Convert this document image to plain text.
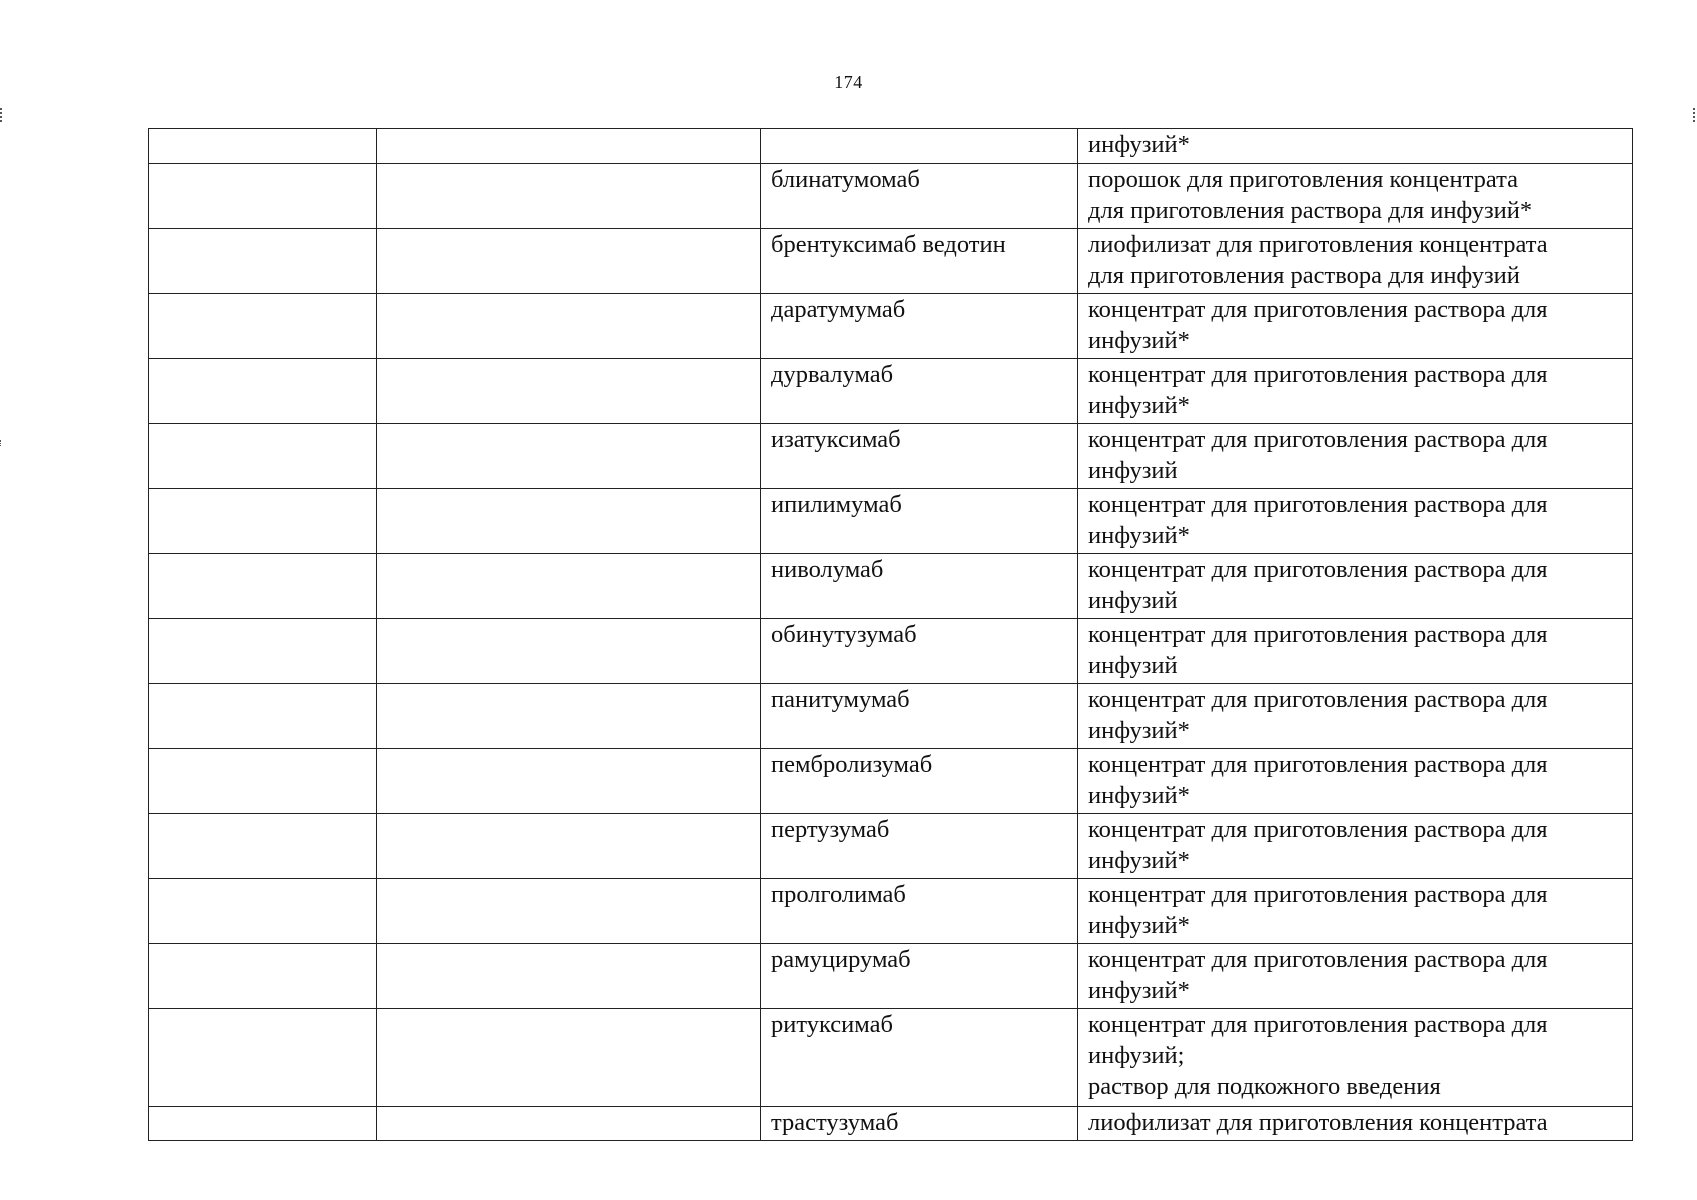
174

			инфузий*

		блинатумомаб	порошок для приготовления концентрата
для приготовления раствора для инфузий*

		брентуксимаб ведотин	лиофилизат для приготовления концентрата
для приготовления раствора для инфузий

		даратумумаб	концентрат для приготовления раствора для
инфузий*

		дурвалумаб	концентрат для приготовления раствора для
инфузий*

		изатуксимаб	концентрат для приготовления раствора для
инфузий

		ипилимумаб	концентрат для приготовления раствора для
инфузий*

		ниволумаб	концентрат для приготовления раствора для
инфузий

		обинутузумаб	концентрат для приготовления раствора для
инфузий

		панитумумаб	концентрат для приготовления раствора для
инфузий*

		пембролизумаб	концентрат для приготовления раствора для
инфузий*

		пертузумаб	концентрат для приготовления раствора для
инфузий*

		пролголимаб	концентрат для приготовления раствора для
инфузий*

		рамуцирумаб	концентрат для приготовления раствора для
инфузий*

		ритуксимаб	концентрат для приготовления раствора для
инфузий;
раствор для подкожного введения

		трастузумаб	лиофилизат для приготовления концентрата
